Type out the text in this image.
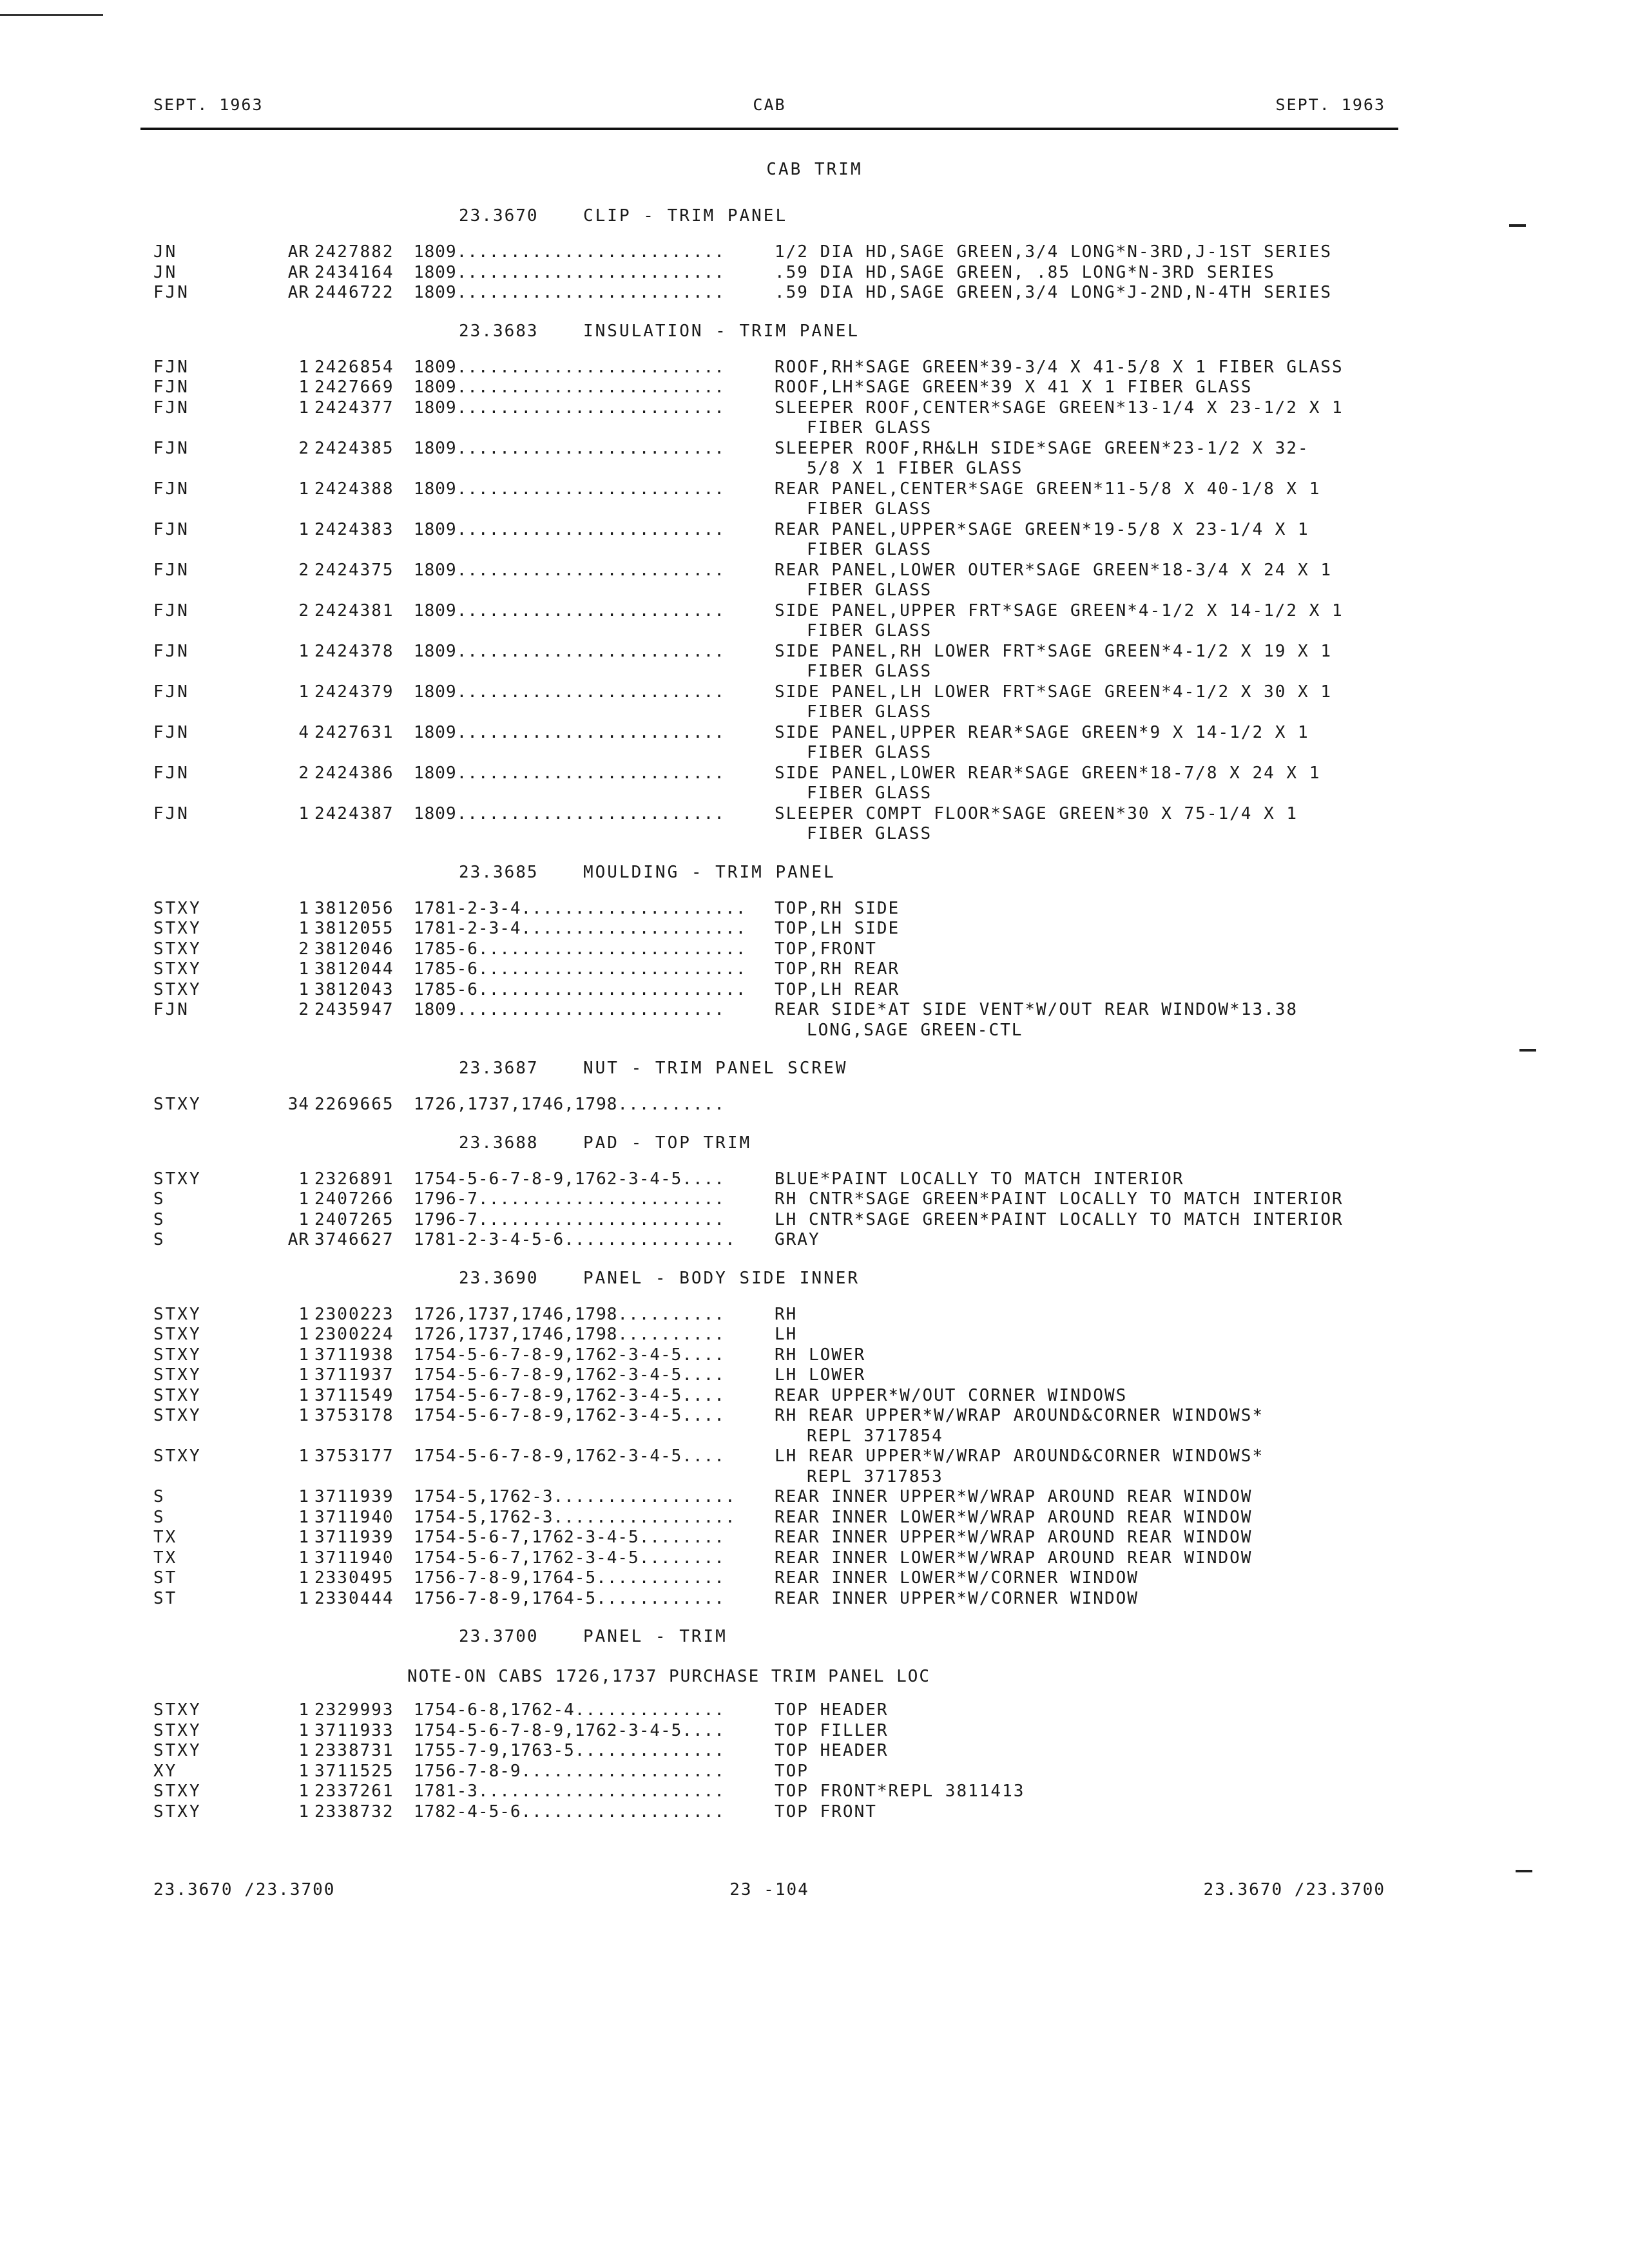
SEPT. 1963	CAB	SEPT. 1963
CAB TRIM
23.3670	CLIP - TRIM PANEL
JN	AR 2427882 1809.........................	1/2 DIA HD,SAGE GREEN,3/4 LONG*N-3RD,J-1ST SERIES
JN	AR 2434164 1809.........................	.59 DIA HD,SAGE GREEN, .85 LONG*N-3RD SERIES
FJN	AR 2446722 1809.........................	.59 DIA HD,SAGE GREEN,3/4 LONG*J-2ND,N-4TH SERIES
23.3683	INSULATION - TRIM PANEL
FJN	1 2426854 1809.........................	ROOF,RH*SAGE GREEN*39-3/4 X 41-5/8 X 1 FIBER GLASS
FJN	1 2427669 1809.........................	ROOF,LH*SAGE GREEN*39 X 41 X 1 FIBER GLASS
FJN	1 2424377 1809.........................	SLEEPER ROOF,CENTER*SAGE GREEN*13-1/4 X 23-1/2 X 1
FIBER GLASS
FJN	2 2424385 1809.........................	SLEEPER ROOF,RH&LH SIDE*SAGE GREEN*23-1/2 X 32-
5/8 X 1 FIBER GLASS
FJN	1 2424388 1809.........................	REAR PANEL,CENTER*SAGE GREEN*11-5/8 X 40-1/8 X 1
FIBER GLASS
FJN	1 2424383 1809.........................	REAR PANEL,UPPER*SAGE GREEN*19-5/8 X 23-1/4 X 1
FIBER GLASS
FJN	2 2424375 1809.........................	REAR PANEL,LOWER OUTER*SAGE GREEN*18-3/4 X 24 X 1
FIBER GLASS
FJN	2 2424381 1809.........................	SIDE PANEL,UPPER FRT*SAGE GREEN*4-1/2 X 14-1/2 X 1
FIBER GLASS
FJN	1 2424378 1809.........................	SIDE PANEL,RH LOWER FRT*SAGE GREEN*4-1/2 X 19 X 1
FIBER GLASS
FJN	1 2424379 1809.........................	SIDE PANEL,LH LOWER FRT*SAGE GREEN*4-1/2 X 30 X 1
FIBER GLASS
FJN	4 2427631 1809.........................	SIDE PANEL,UPPER REAR*SAGE GREEN*9 X 14-1/2 X 1
FIBER GLASS
FJN	2 2424386 1809.........................	SIDE PANEL,LOWER REAR*SAGE GREEN*18-7/8 X 24 X 1
FIBER GLASS
FJN	1 2424387 1809.........................	SLEEPER COMPT FLOOR*SAGE GREEN*30 X 75-1/4 X 1
FIBER GLASS
23.3685	MOULDING - TRIM PANEL
STXY	1 3812056 1781-2-3-4..................... TOP,RH SIDE
STXY	1 3812055 1781-2-3-4..................... TOP,LH SIDE
STXY	2 3812046 1785-6......................... TOP,FRONT
STXY	1 3812044 1785-6......................... TOP,RH REAR
STXY	1 3812043 1785-6......................... TOP,LH REAR
FJN	2 2435947 1809.........................	REAR SIDE*AT SIDE VENT*W/OUT REAR WINDOW*13.38
LONG,SAGE GREEN-CTL
23.3687	NUT - TRIM PANEL SCREW
STXY	34 2269665 1726,1737,1746,1798..........
23.3688	PAD - TOP TRIM
STXY	1 2326891 1754-5-6-7-8-9,1762-3-4-5....	BLUE*PAINT LOCALLY TO MATCH INTERIOR
S	1 2407266 1796-7.......................	RH CNTR*SAGE GREEN*PAINT LOCALLY TO MATCH INTERIOR
S	1 2407265 1796-7.......................	LH CNTR*SAGE GREEN*PAINT LOCALLY TO MATCH INTERIOR
S	AR 3746627 1781-2-3-4-5-6................ GRAY
23.3690	PANEL - BODY SIDE INNER
STXY	1 2300223 1726,1737,1746,1798..........	RH
STXY	1 2300224 1726,1737,1746,1798..........	LH
STXY	1 3711938 1754-5-6-7-8-9,1762-3-4-5....	RH LOWER
STXY	1 3711937 1754-5-6-7-8-9,1762-3-4-5....	LH LOWER
STXY	1 3711549 1754-5-6-7-8-9,1762-3-4-5....	REAR UPPER*W/OUT CORNER WINDOWS
STXY	1 3753178 1754-5-6-7-8-9,1762-3-4-5....	RH REAR UPPER*W/WRAP AROUND&CORNER WINDOWS*
REPL 3717854
STXY	1 3753177 1754-5-6-7-8-9,1762-3-4-5....	LH REAR UPPER*W/WRAP AROUND&CORNER WINDOWS*
REPL 3717853
S	1 3711939 1754-5,1762-3................. REAR INNER UPPER*W/WRAP AROUND REAR WINDOW
S	1 3711940 1754-5,1762-3................. REAR INNER LOWER*W/WRAP AROUND REAR WINDOW
TX	1 3711939 1754-5-6-7,1762-3-4-5........	REAR INNER UPPER*W/WRAP AROUND REAR WINDOW
TX	1 3711940 1754-5-6-7,1762-3-4-5........	REAR INNER LOWER*W/WRAP AROUND REAR WINDOW
ST	1 2330495 1756-7-8-9,1764-5............	REAR INNER LOWER*W/CORNER WINDOW
ST	1 2330444 1756-7-8-9,1764-5............	REAR INNER UPPER*W/CORNER WINDOW
23.3700	PANEL - TRIM
NOTE-ON CABS 1726,1737 PURCHASE TRIM PANEL LOC
STXY	1 2329993 1754-6-8,1762-4..............	TOP HEADER
STXY	1 3711933 1754-5-6-7-8-9,1762-3-4-5....	TOP FILLER
STXY	1 2338731 1755-7-9,1763-5..............	TOP HEADER
XY	1 3711525 1756-7-8-9...................	TOP
STXY	1 2337261 1781-3.......................	TOP FRONT*REPL 3811413
STXY	1 2338732 1782-4-5-6...................	TOP FRONT
23.3670 /23.3700	23 -104	23.3670 /23.3700
